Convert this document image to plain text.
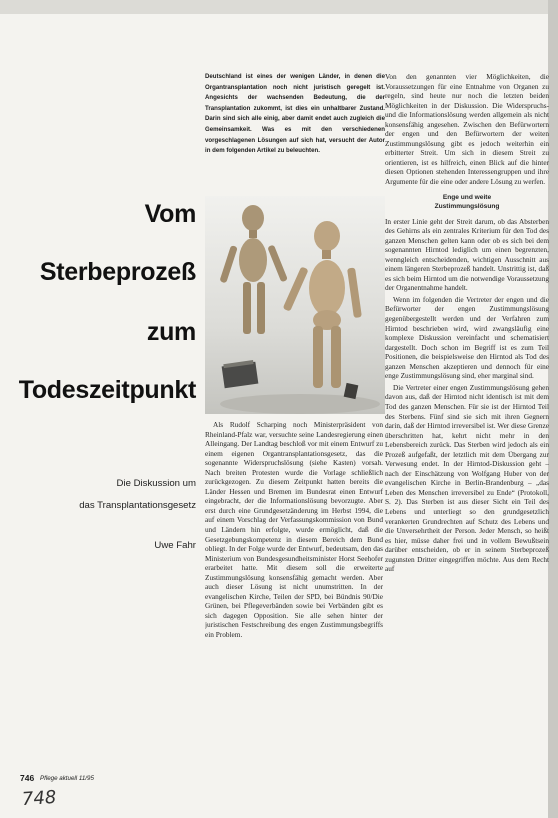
Deutschland ist eines der wenigen Länder, in denen die Organtransplantation noch nicht juristisch geregelt ist. Angesichts der wachsenden Bedeutung, die der Transplantation zukommt, ist dies ein unhaltbarer Zustand. Darin sind sich alle einig, aber damit endet auch zugleich die Gemeinsamkeit. Was es mit den verschiedenen vorgeschlagenen Lösungen auf sich hat, versucht der Autor in dem folgenden Artikel zu beleuchten.

Vom
Sterbeprozeß
zum
Todeszeitpunkt

Die Diskussion um

das Transplantationsgesetz

Uwe Fahr

Als Rudolf Scharping noch Ministerpräsident von Rheinland-Pfalz war, versuchte seine Landesregierung einen Alleingang. Der Landtag beschloß vor mit einem Entwurf zu einem eigenen Organtransplantationsgesetz, das die sogenannte Widerspruchslösung (siehe Kasten) vorsah. Nach breiten Protesten wurde die Vorlage schließlich zurückgezogen. Zu diesem Zeitpunkt hatten bereits die Länder Hessen und Bremen im Bundesrat einen Entwurf eingebracht, der die Informationslösung bevorzugte. Aber erst durch eine Grundgesetzänderung im Herbst 1994, die auf einem Vorschlag der Verfassungskommission von Bund und Ländern hin erfolgte, wurde ermöglicht, daß die Gesetzgebungskompetenz in diesem Bereich dem Bund obliegt. In der Folge wurde der Entwurf, bedeutsam, den das Ministerium von Bundesgesundheitsminister Horst Seehofer erarbeitet hatte. Mit diesem soll die erweiterte Zustimmungslösung konsensfähig gemacht werden. Aber auch dieser Lösung ist nicht unumstritten. In der evangelischen Kirche, Teilen der SPD, bei Bündnis 90/Die Grünen, bei Pflegeverbänden sowie bei Verbänden gibt es sich dagegen Opposition. Sie alle sehen hinter der juristischen Festschreibung des engen Zustimmungsbegriffs ein Problem.

Von den genannten vier Möglichkeiten, die Voraussetzungen für eine Entnahme von Organen zu regeln, sind heute nur noch die letzten beiden Möglichkeiten in der Diskussion. Die Widerspruchs- und die Informationslösung werden allgemein als nicht konsensfähig angesehen. Zwischen den Befürwortern der engen und den Befürwortern der weiten Zustimmungslösung gibt es jedoch weiterhin ein erbitterter Streit. Um sich in diesem Streit zu orientieren, ist es hilfreich, einen Blick auf die hinter diesen Optionen stehenden Interessengruppen und ihre Argumente für die eine oder andere Lösung zu werfen.

Enge und weite
Zustimmungslösung

In erster Linie geht der Streit darum, ob das Absterben des Gehirns als ein zentrales Kriterium für den Tod des ganzen Menschen gelten kann oder ob es sich bei dem sogenannten Hirntod lediglich um einen begrenzten, wenngleich entscheidenden, wichtigen Ausschnitt aus einem längeren Sterbeprozeß handelt. Unstrittig ist, daß es sich beim Hirntod um die notwendige Voraussetzung der Organentnahme handelt.

Wenn im folgenden die Vertreter der engen und die Befürworter der engen Zustimmungslösung gegenübergestellt werden und der Verfahren zum Hirntod beschrieben wird, wird zwangsläufig eine komplexe Diskussion vereinfacht und schematisiert dargestellt. Doch schon im Begriff ist es zum Teil Positionen, die beispielsweise den Hirntod als Tod des ganzen Menschen akzeptieren und dennoch für eine enge Zustimmungslösung sind, eher marginal sind.

Die Vertreter einer engen Zustimmungslösung gehen davon aus, daß der Hirntod nicht identisch ist mit dem Tod des ganzen Menschen. Für sie ist der Hirntod Teil des Sterbens. Fünf sind sie sich mit ihren Gegnern darin, daß der Hirntod irreversibel ist. Wer diese Grenze überschritten hat, kehrt nicht mehr in den Lebensbereich zurück. Das Sterben wird jedoch als ein Prozeß aufgefaßt, der letztlich mit dem Übergang zur Verwesung endet. In der Hirntod-Diskussion geht – nach der Einschätzung von Wolfgang Huber von der evangelischen Kirche in Berlin-Brandenburg – „das Leben des Menschen irreversibel zu Ende“ (Protokoll, S. 2). Das Sterben ist aus dieser Sicht ein Teil des Lebens und unterliegt so den grundgesetzlich verankerten Grundrechten auf Schutz des Lebens und die Unversehrtheit der Person. Jeder Mensch, so heißt es hier, müsse daher frei und in vollem Bewußtsein darüber entscheiden, ob er in seinem Sterbeprozeß zugunsten Dritter eingegriffen möchte. Aus dem Recht auf

746 Pflege aktuell 11/95
748
